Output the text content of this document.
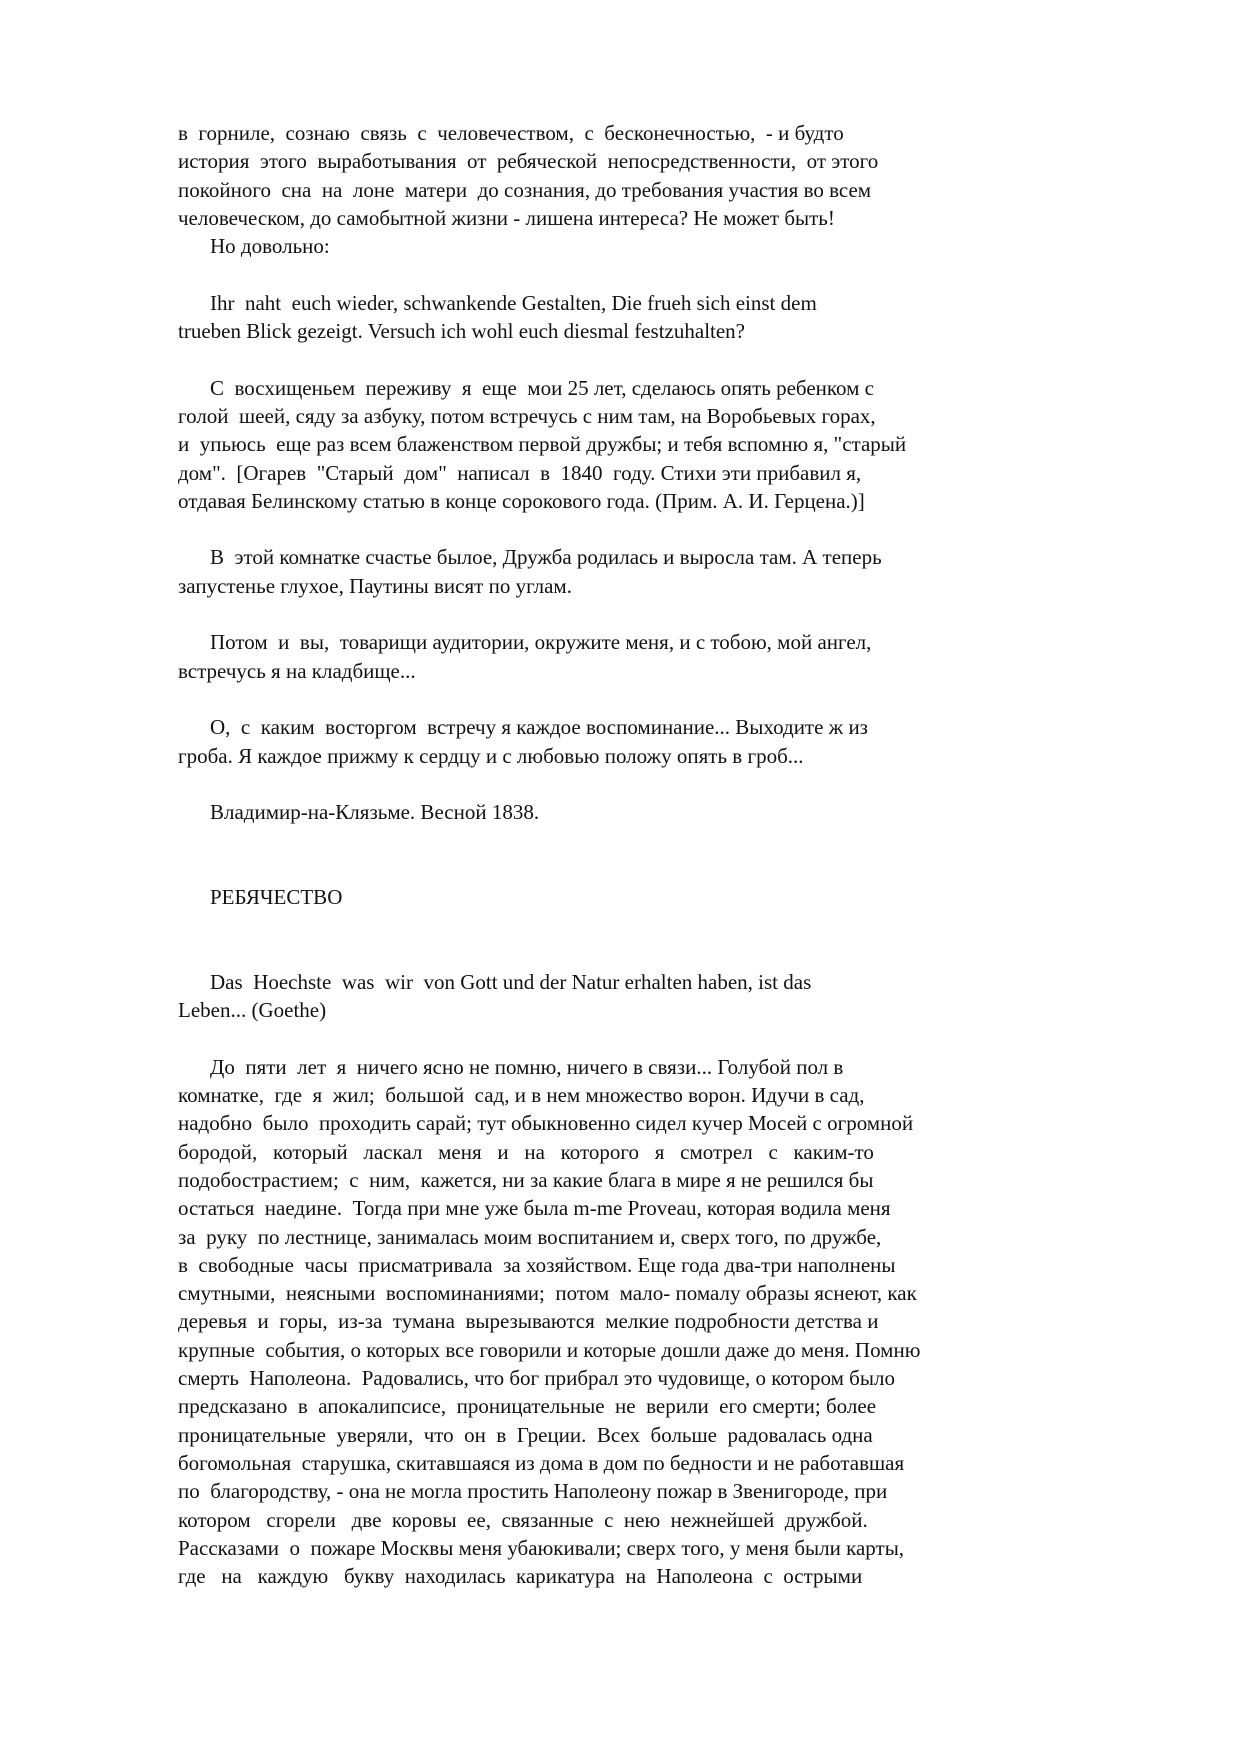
в  горниле,  сознаю  связь  с  человечеством,  с  бесконечностью,  - и будто
история  этого  выработывания  от  ребяческой  непосредственности,  от этого
покойного  сна  на  лоне  матери  до сознания, до требования участия во всем
человеческом, до самобытной жизни - лишена интереса? Не может быть!
Но довольно:
Ihr  naht  euch wieder, schwankende Gestalten, Die frueh sich einst dem
trueben Blick gezeigt. Versuch ich wohl euch diesmal festzuhalten?
С  восхищеньем  переживу  я  еще  мои 25 лет, сделаюсь опять ребенком с
голой  шеей, сяду за азбуку, потом встречусь с ним там, на Воробьевых горах,
и  упьюсь  еще раз всем блаженством первой дружбы; и тебя вспомню я, "старый
дом".  [Огарев  "Старый  дом"  написал  в  1840  году. Стихи эти прибавил я,
отдавая Белинскому статью в конце сорокового года. (Прим. А. И. Герцена.)]
В  этой комнатке счастье былое, Дружба родилась и выросла там. А теперь
запустенье глухое, Паутины висят по углам.
Потом  и  вы,  товарищи аудитории, окружите меня, и с тобою, мой ангел,
встречусь я на кладбище...
О,  с  каким  восторгом  встречу я каждое воспоминание... Выходите ж из
гроба. Я каждое прижму к сердцу и с любовью положу опять в гроб...
Владимир-на-Клязьме. Весной 1838.
РЕБЯЧЕСТВО
Das  Hoechste  was  wir  von Gott und der Natur erhalten haben, ist das
Leben... (Goethe)
До  пяти  лет  я  ничего ясно не помню, ничего в связи... Голубой пол в
комнатке,  где  я  жил;  большой  сад, и в нем множество ворон. Идучи в сад,
надобно  было  проходить сарай; тут обыкновенно сидел кучер Мосей с огромной
бородой,   который   ласкал   меня   и   на   которого   я   смотрел   с   каким-то
подобострастием;  с  ним,  кажется, ни за какие блага в мире я не решился бы
остаться  наедине.  Тогда при мне уже была m-me Proveau, которая водила меня
за  руку  по лестнице, занималась моим воспитанием и, сверх того, по дружбе,
в  свободные  часы  присматривала  за хозяйством. Еще года два-три наполнены
смутными,  неясными  воспоминаниями;  потом  мало- помалу образы яснеют, как
деревья  и  горы,  из-за  тумана  вырезываются  мелкие подробности детства и
крупные  события, о которых все говорили и которые дошли даже до меня. Помню
смерть  Наполеона.  Радовались, что бог прибрал это чудовище, о котором было
предсказано  в  апокалипсисе,  проницательные  не  верили  его смерти; более
проницательные  уверяли,  что  он  в  Греции.  Всех  больше  радовалась одна
богомольная  старушка, скитавшаяся из дома в дом по бедности и не работавшая
по  благородству, - она не могла простить Наполеону пожар в Звенигороде, при
котором   сгорели   две  коровы  ее,  связанные  с  нею  нежнейшей  дружбой.
Рассказами  о  пожаре Москвы меня убаюкивали; сверх того, у меня были карты,
где   на   каждую   букву  находилась  карикатура  на  Наполеона  с  острыми
